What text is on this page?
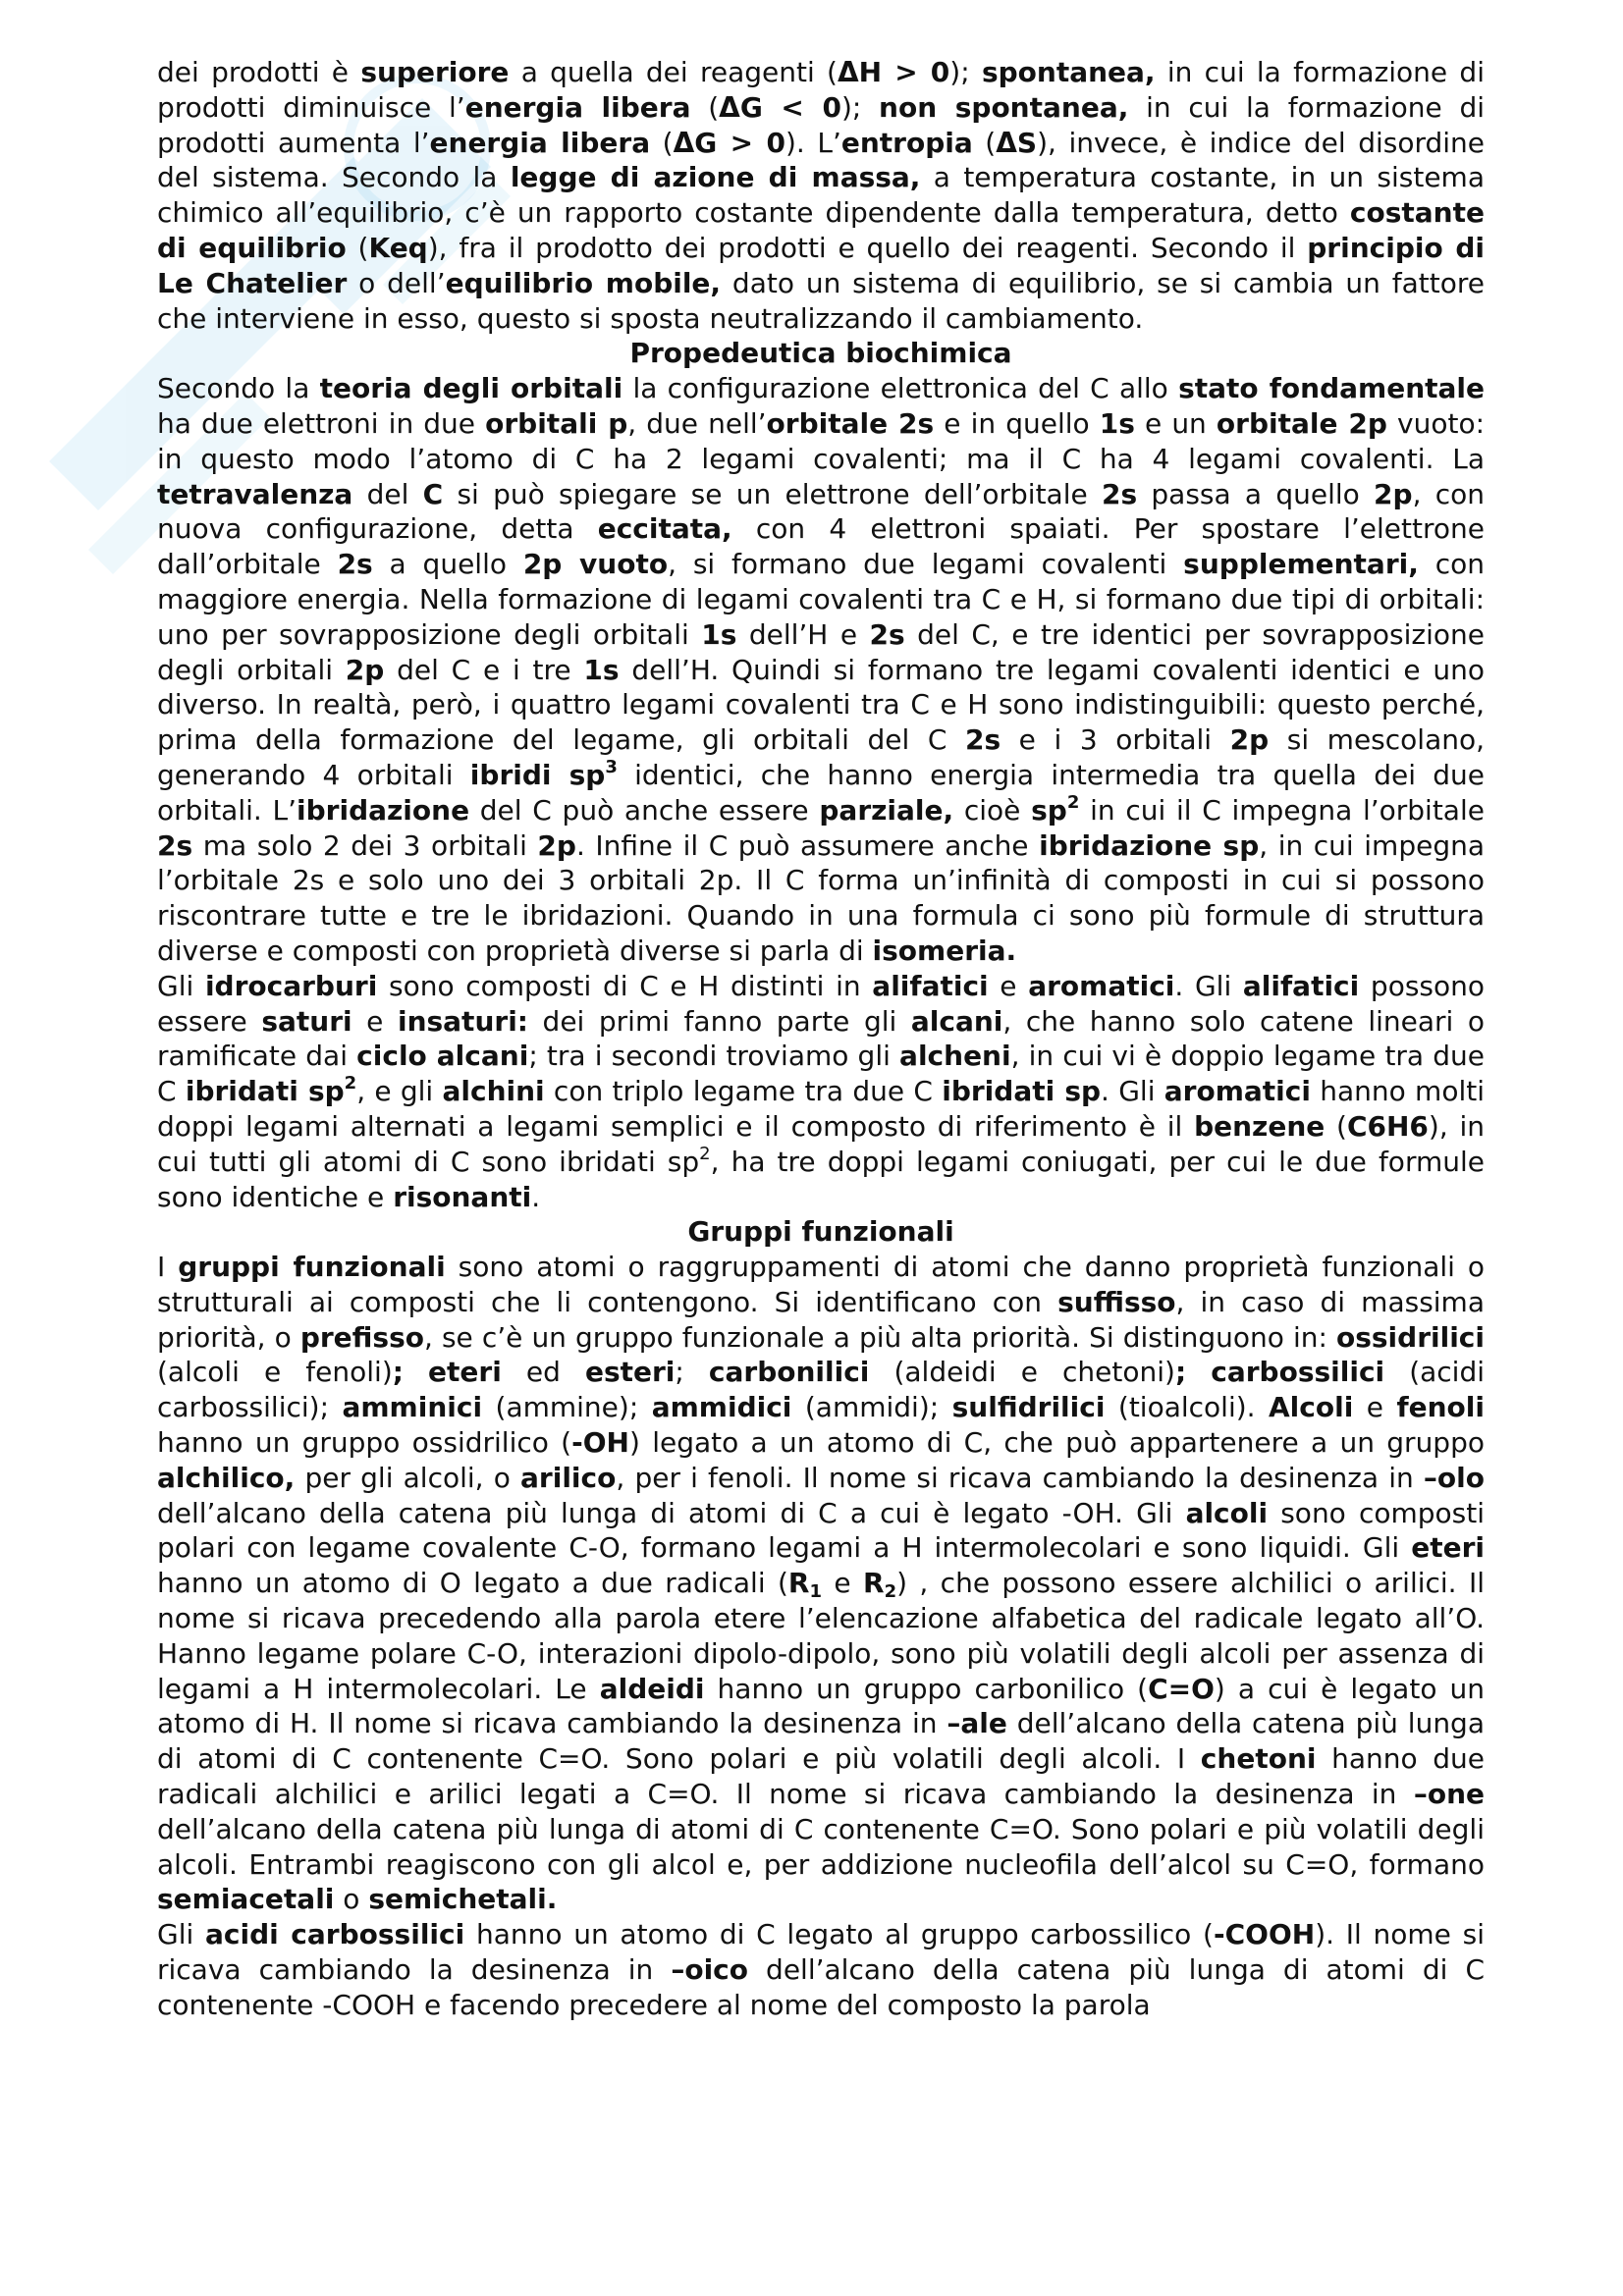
dei prodotti è superiore a quella dei reagenti (ΔH > 0); spontanea, in cui la formazione di prodotti diminuisce l’energia libera (ΔG < 0); non spontanea, in cui la formazione di prodotti aumenta l’energia libera (ΔG > 0). L’entropia (ΔS), invece, è indice del disordine del sistema. Secondo la legge di azione di massa, a temperatura costante, in un sistema chimico all’equilibrio, c’è un rapporto costante dipendente dalla temperatura, detto costante di equilibrio (Keq), fra il prodotto dei prodotti e quello dei reagenti. Secondo il principio di Le Chatelier o dell’equilibrio mobile, dato un sistema di equilibrio, se si cambia un fattore che interviene in esso, questo si sposta neutralizzando il cambiamento.

Propedeutica biochimica

Secondo la teoria degli orbitali la configurazione elettronica del C allo stato fondamentale ha due elettroni in due orbitali p, due nell’orbitale 2s e in quello 1s e un orbitale 2p vuoto: in questo modo l’atomo di C ha 2 legami covalenti; ma il C ha 4 legami covalenti. La tetravalenza del C si può spiegare se un elettrone dell’orbitale 2s passa a quello 2p, con nuova configurazione, detta eccitata, con 4 elettroni spaiati. Per spostare l’elettrone dall’orbitale 2s a quello 2p vuoto, si formano due legami covalenti supplementari, con maggiore energia. Nella formazione di legami covalenti tra C e H, si formano due tipi di orbitali: uno per sovrapposizione degli orbitali 1s dell’H e 2s del C, e tre identici per sovrapposizione degli orbitali 2p del C e i tre 1s dell’H. Quindi si formano tre legami covalenti identici e uno diverso. In realtà, però, i quattro legami covalenti tra C e H sono indistinguibili: questo perché, prima della formazione del legame, gli orbitali del C 2s e i 3 orbitali 2p si mescolano, generando 4 orbitali ibridi $sp^3$ identici, che hanno energia intermedia tra quella dei due orbitali. L’ibridazione del C può anche essere parziale, cioè $sp^2$ in cui il C impegna l’orbitale 2s ma solo 2 dei 3 orbitali 2p. Infine il C può assumere anche ibridazione sp, in cui impegna l’orbitale 2s e solo uno dei 3 orbitali 2p. Il C forma un’infinità di composti in cui si possono riscontrare tutte e tre le ibridazioni. Quando in una formula ci sono più formule di struttura diverse e composti con proprietà diverse si parla di isomeria.

Gli idrocarburi sono composti di C e H distinti in alifatici e aromatici. Gli alifatici possono essere saturi e insaturi: dei primi fanno parte gli alcani, che hanno solo catene lineari o ramificate dai ciclo alcani; tra i secondi troviamo gli alcheni, in cui vi è doppio legame tra due C ibridati $sp^2$, e gli alchini con triplo legame tra due C ibridati sp. Gli aromatici hanno molti doppi legami alternati a legami semplici e il composto di riferimento è il benzene (C6H6), in cui tutti gli atomi di C sono ibridati $sp^2$, ha tre doppi legami coniugati, per cui le due formule sono identiche e risonanti.

Gruppi funzionali

I gruppi funzionali sono atomi o raggruppamenti di atomi che danno proprietà funzionali o strutturali ai composti che li contengono. Si identificano con suffisso, in caso di massima priorità, o prefisso, se c’è un gruppo funzionale a più alta priorità. Si distinguono in: ossidrilici (alcoli e fenoli); eteri ed esteri; carbonilici (aldeidi e chetoni); carbossilici (acidi carbossilici); amminici (ammine); ammidici (ammidi); sulfidrilici (tioalcoli). Alcoli e fenoli hanno un gruppo ossidrilico (-OH) legato a un atomo di C, che può appartenere a un gruppo alchilico, per gli alcoli, o arilico, per i fenoli. Il nome si ricava cambiando la desinenza in –olo dell’alcano della catena più lunga di atomi di C a cui è legato -OH. Gli alcoli sono composti polari con legame covalente C-O, formano legami a H intermolecolari e sono liquidi. Gli eteri hanno un atomo di O legato a due radicali ($R_1$ e $R_2$) , che possono essere alchilici o arilici. Il nome si ricava precedendo alla parola etere l’elencazione alfabetica del radicale legato all’O. Hanno legame polare C-O, interazioni dipolo-dipolo, sono più volatili degli alcoli per assenza di legami a H intermolecolari. Le aldeidi hanno un gruppo carbonilico (C=O) a cui è legato un atomo di H. Il nome si ricava cambiando la desinenza in –ale dell’alcano della catena più lunga di atomi di C contenente C=O. Sono polari e più volatili degli alcoli. I chetoni hanno due radicali alchilici e arilici legati a C=O. Il nome si ricava cambiando la desinenza in –one dell’alcano della catena più lunga di atomi di C contenente C=O. Sono polari e più volatili degli alcoli. Entrambi reagiscono con gli alcol e, per addizione nucleofila dell’alcol su C=O, formano semiacetali o semichetali.

Gli acidi carbossilici hanno un atomo di C legato al gruppo carbossilico (-COOH). Il nome si ricava cambiando la desinenza in –oico dell’alcano della catena più lunga di atomi di C contenente -COOH e facendo precedere al nome del composto la parola
